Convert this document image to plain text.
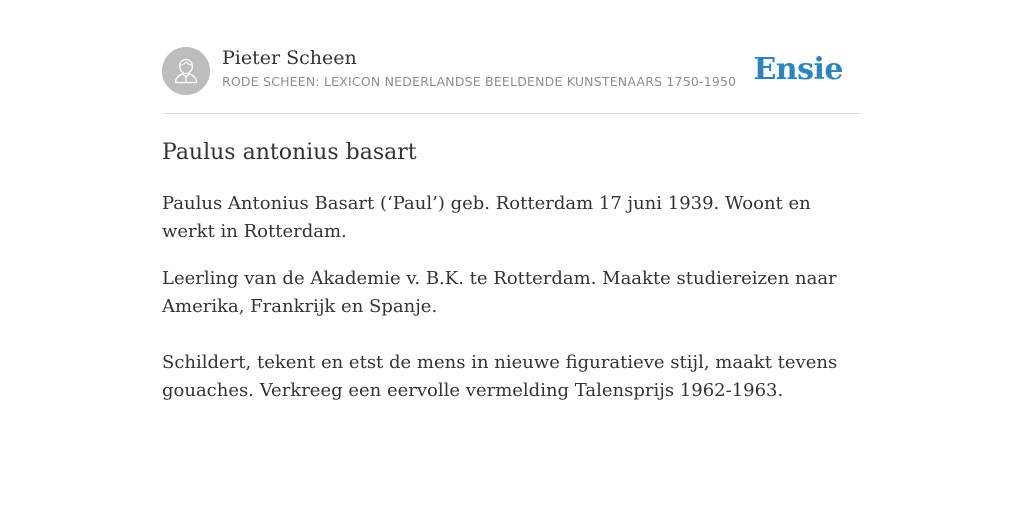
Pieter Scheen
RODE SCHEEN: LEXICON NEDERLANDSE BEELDENDE KUNSTENAARS 1750-1950 Ensie
Paulus antonius basart

Paulus Antonius Basart (‘Paul’) geb. Rotterdam 17 juni 1939. Woont en werkt in Rotterdam.

Leerling van de Akademie v. B.K. te Rotterdam. Maakte studiereizen naar Amerika, Frankrijk en Spanje.

Schildert, tekent en etst de mens in nieuwe figuratieve stijl, maakt tevens gouaches. Verkreeg een eervolle vermelding Talensprijs 1962-1963.
